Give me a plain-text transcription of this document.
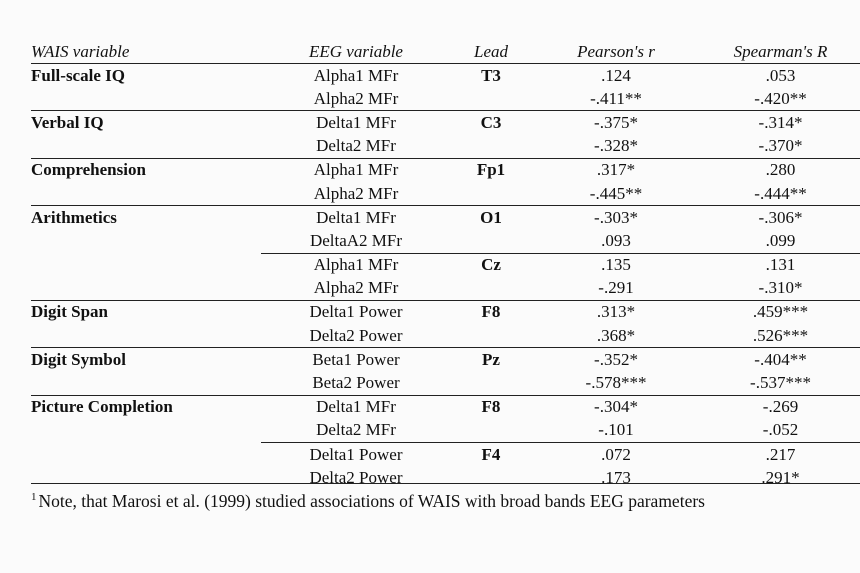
WAIS variable	EEG variable	Lead	Pearson's r	Spearman's R
Full-scale IQ	Alpha1 MFr	T3	.124	.053
	Alpha2 MFr		-.411**	-.420**
Verbal IQ	Delta1 MFr	C3	-.375*	-.314*
	Delta2 MFr		-.328*	-.370*
Comprehension	Alpha1 MFr	Fp1	.317*	.280
	Alpha2 MFr		-.445**	-.444**
Arithmetics	Delta1 MFr	O1	-.303*	-.306*
	DeltaA2 MFr		.093	.099
	Alpha1 MFr	Cz	.135	.131
	Alpha2 MFr		-.291	-.310*
Digit Span	Delta1 Power	F8	.313*	.459***
	Delta2 Power		.368*	.526***
Digit Symbol	Beta1 Power	Pz	-.352*	-.404**
	Beta2 Power		-.578***	-.537***
Picture Completion	Delta1 MFr	F8	-.304*	-.269
	Delta2 MFr		-.101	-.052
	Delta1 Power	F4	.072	.217
	Delta2 Power		.173	.291*
$^1$ Note, that Marosi et al. (1999) studied associations of WAIS with broad bands EEG parameters
